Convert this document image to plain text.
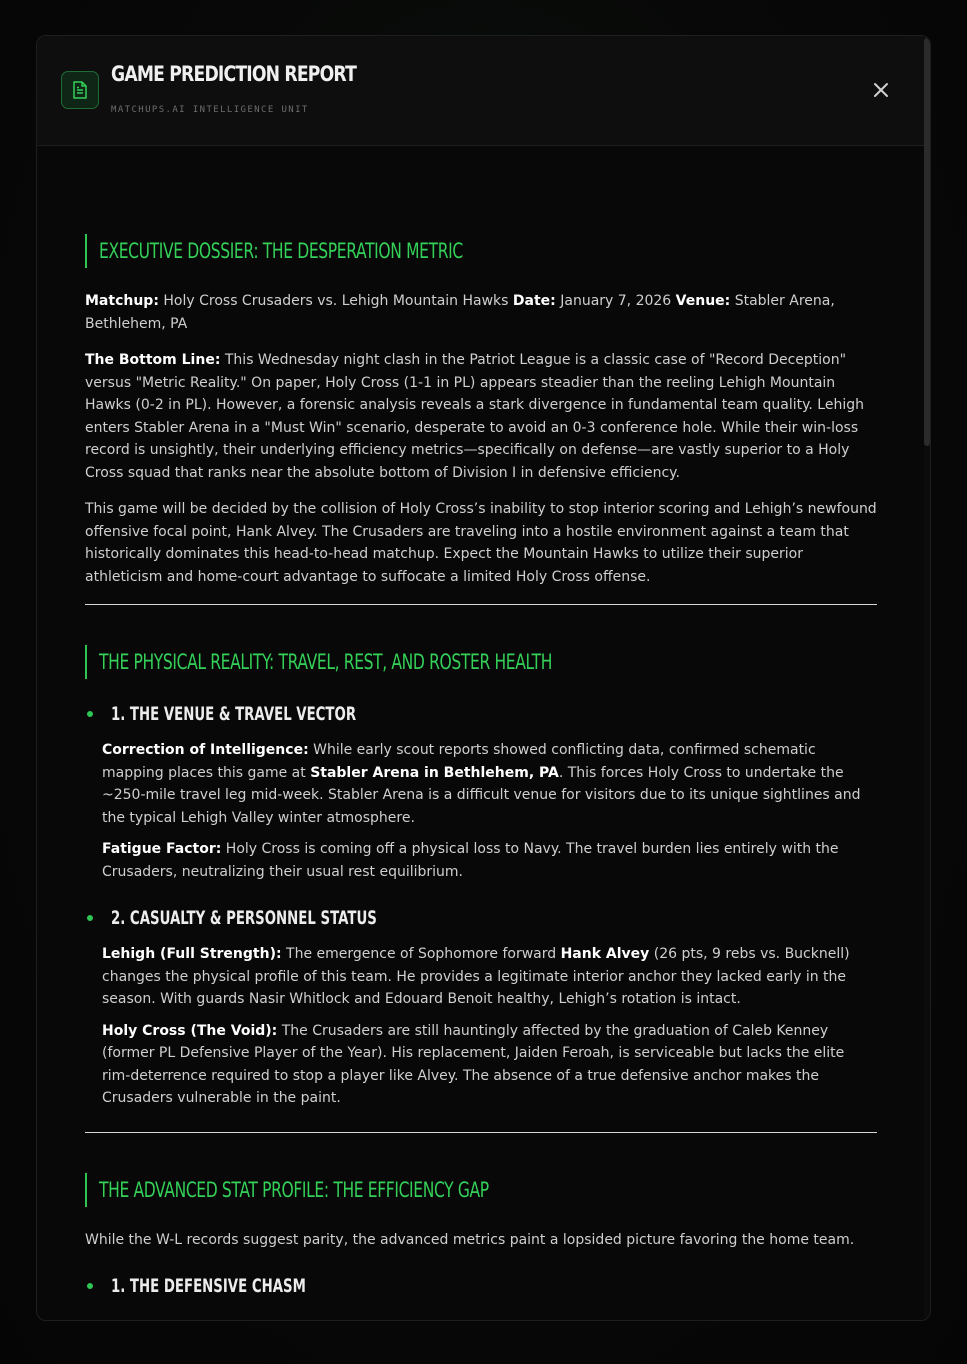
GAME PREDICTION REPORT
MATCHUPS.AI INTELLIGENCE UNIT
EXECUTIVE DOSSIER: THE DESPERATION METRIC

Matchup: Holy Cross Crusaders vs. Lehigh Mountain Hawks Date: January 7, 2026 Venue: Stabler Arena, Bethlehem, PA

The Bottom Line: This Wednesday night clash in the Patriot League is a classic case of "Record Deception" versus "Metric Reality." On paper, Holy Cross (1-1 in PL) appears steadier than the reeling Lehigh Mountain Hawks (0-2 in PL). However, a forensic analysis reveals a stark divergence in fundamental team quality. Lehigh enters Stabler Arena in a "Must Win" scenario, desperate to avoid an 0-3 conference hole. While their win-loss record is unsightly, their underlying efficiency metrics—specifically on defense—are vastly superior to a Holy Cross squad that ranks near the absolute bottom of Division I in defensive efficiency.

This game will be decided by the collision of Holy Cross’s inability to stop interior scoring and Lehigh’s newfound offensive focal point, Hank Alvey. The Crusaders are traveling into a hostile environment against a team that historically dominates this head-to-head matchup. Expect the Mountain Hawks to utilize their superior athleticism and home-court advantage to suffocate a limited Holy Cross offense.

THE PHYSICAL REALITY: TRAVEL, REST, AND ROSTER HEALTH
1. THE VENUE & TRAVEL VECTOR

Correction of Intelligence: While early scout reports showed conflicting data, confirmed schematic mapping places this game at Stabler Arena in Bethlehem, PA. This forces Holy Cross to undertake the ~250-mile travel leg mid-week. Stabler Arena is a difficult venue for visitors due to its unique sightlines and the typical Lehigh Valley winter atmosphere.

Fatigue Factor: Holy Cross is coming off a physical loss to Navy. The travel burden lies entirely with the Crusaders, neutralizing their usual rest equilibrium.

2. CASUALTY & PERSONNEL STATUS

Lehigh (Full Strength): The emergence of Sophomore forward Hank Alvey (26 pts, 9 rebs vs. Bucknell) changes the physical profile of this team. He provides a legitimate interior anchor they lacked early in the season. With guards Nasir Whitlock and Edouard Benoit healthy, Lehigh’s rotation is intact.

Holy Cross (The Void): The Crusaders are still hauntingly affected by the graduation of Caleb Kenney (former PL Defensive Player of the Year). His replacement, Jaiden Feroah, is serviceable but lacks the elite rim-deterrence required to stop a player like Alvey. The absence of a true defensive anchor makes the Crusaders vulnerable in the paint.

THE ADVANCED STAT PROFILE: THE EFFICIENCY GAP

While the W-L records suggest parity, the advanced metrics paint a lopsided picture favoring the home team.

1. THE DEFENSIVE CHASM
